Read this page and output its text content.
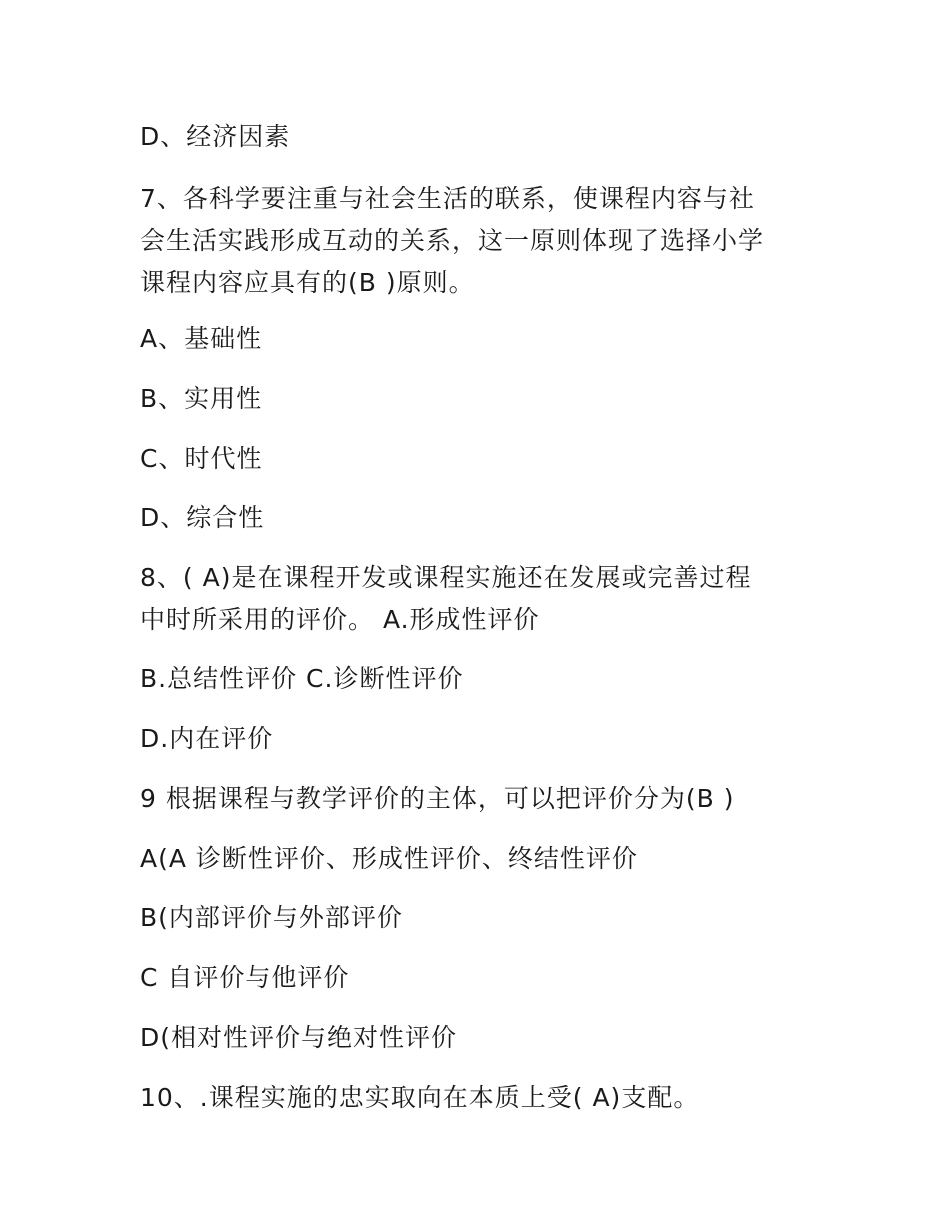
D、经济因素

7、各科学要注重与社会生活的联系，使课程内容与社
会生活实践形成互动的关系，这一原则体现了选择小学
课程内容应具有的(B )原则。

A、基础性

B、实用性

C、时代性

D、综合性

8、( A)是在课程开发或课程实施还在发展或完善过程
中时所采用的评价。 A.形成性评价

B.总结性评价 C.诊断性评价

D.内在评价

9 根据课程与教学评价的主体，可以把评价分为(B )

A(A 诊断性评价、形成性评价、终结性评价

B(内部评价与外部评价

C 自评价与他评价

D(相对性评价与绝对性评价

10、.课程实施的忠实取向在本质上受( A)支配。
